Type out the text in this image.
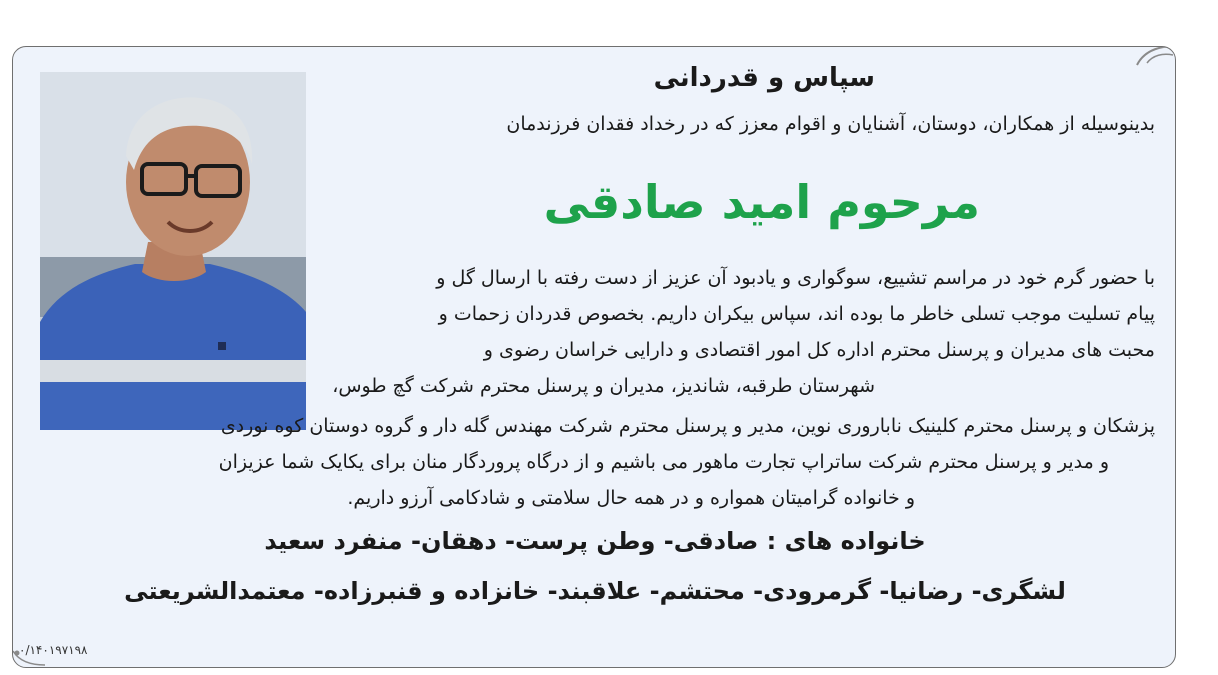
سپاس و قدردانی
بدینوسیله از همکاران، دوستان، آشنایان و اقوام معزز که در رخداد فقدان فرزندمان
مرحوم امید صادقی
با حضور گرم خود در مراسم تشییع، سوگواری و یادبود آن عزیز از دست رفته با ارسال گل و
پیام تسلیت موجب تسلی خاطر ما بوده اند، سپاس بیکران داریم. بخصوص قدردان زحمات و
محبت های مدیران و پرسنل محترم اداره کل امور اقتصادی و دارایی خراسان رضوی و
شهرستان طرقبه، شاندیز، مدیران و پرسنل محترم شرکت گچ طوس،
پزشکان و پرسنل محترم کلینیک ناباروری نوین، مدیر و پرسنل محترم شرکت مهندس گله دار و گروه دوستان کوه نوردی
و مدیر و پرسنل محترم شرکت ساتراپ تجارت ماهور می باشیم و از درگاه پروردگار منان برای یکایک شما عزیزان
و خانواده گرامیتان همواره و در همه حال سلامتی و شادکامی آرزو داریم.
خانواده های : صادقی- وطن پرست- دهقان- منفرد سعید
لشگری- رضانیا- گرمرودی- محتشم- علاقبند- خانزاده و قنبرزاده- معتمدالشریعتی
۰/۱۴۰۱۹۷۱۹۸
